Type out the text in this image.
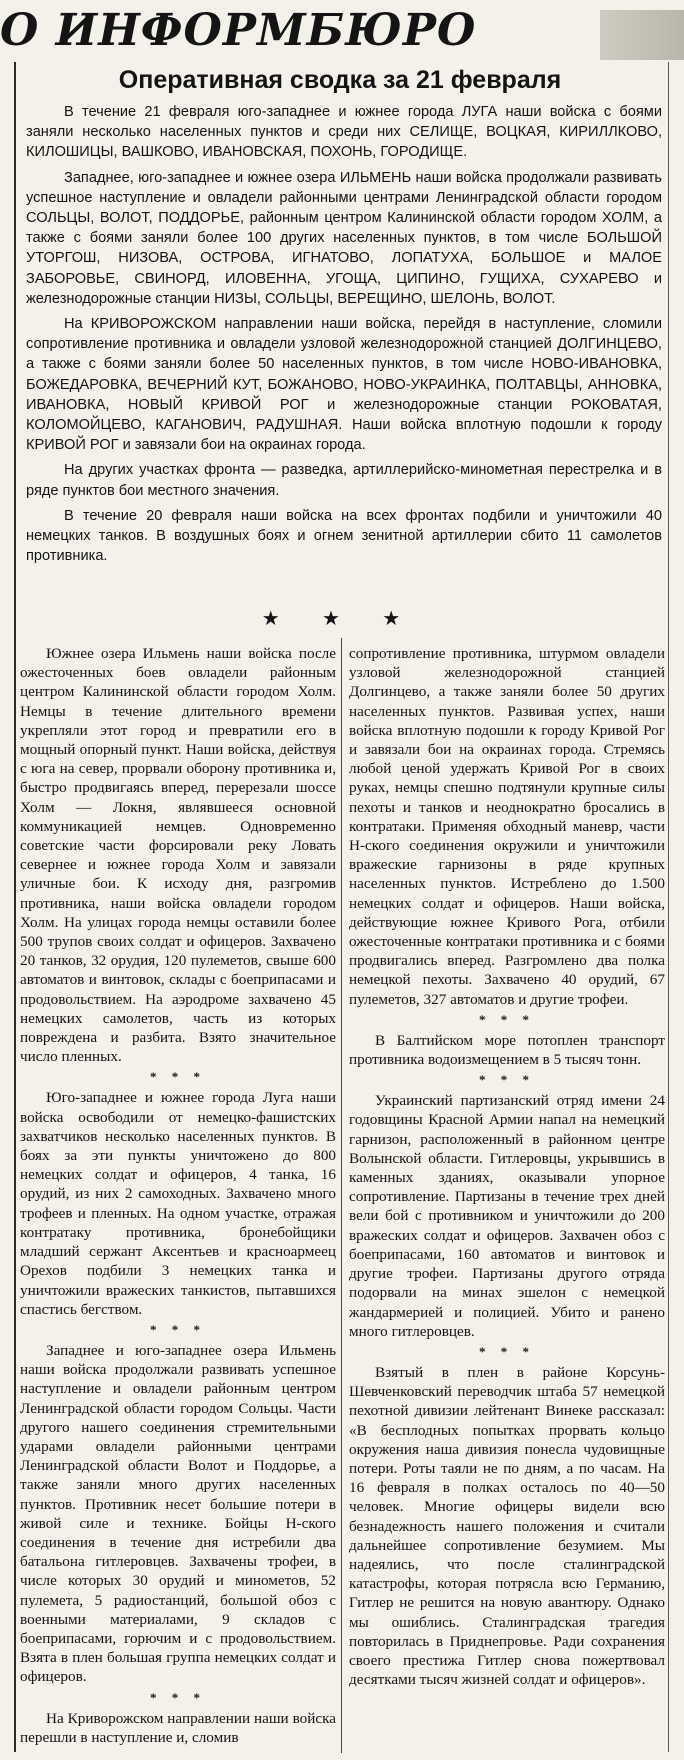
О ИНФОРМБЮРО
Оперативная сводка за 21 февраля

В течение 21 февраля юго-западнее и южнее города ЛУГА наши войска с боями заняли несколько населенных пунктов и среди них СЕЛИЩЕ, ВОЦКАЯ, КИРИЛЛКОВО, КИЛОШИЦЫ, ВАШКОВО, ИВАНОВСКАЯ, ПОХОНЬ, ГОРОДИЩЕ.

Западнее, юго-западнее и южнее озера ИЛЬМЕНЬ наши войска продолжали развивать успешное наступление и овладели районными центрами Ленинградской области городом СОЛЬЦЫ, ВОЛОТ, ПОДДОРЬЕ, районным центром Калининской области городом ХОЛМ, а также с боями заняли более 100 других населенных пунктов, в том числе БОЛЬШОЙ УТОРГОШ, НИЗОВА, ОСТРОВА, ИГНАТОВО, ЛОПАТУХА, БОЛЬШОЕ и МАЛОЕ ЗАБОРОВЬЕ, СВИНОРД, ИЛОВЕННА, УГОЩА, ЦИПИНО, ГУЩИХА, СУХАРЕВО и железнодорожные станции НИЗЫ, СОЛЬЦЫ, ВЕРЕЩИНО, ШЕЛОНЬ, ВОЛОТ.

На КРИВОРОЖСКОМ направлении наши войска, перейдя в наступление, сломили сопротивление противника и овладели узловой железнодорожной станцией ДОЛГИНЦЕВО, а также с боями заняли более 50 населенных пунктов, в том числе НОВО-ИВАНОВКА, БОЖЕДАРОВКА, ВЕЧЕРНИЙ КУТ, БОЖАНОВО, НОВО-УКРАИНКА, ПОЛТАВЦЫ, АННОВКА, ИВАНОВКА, НОВЫЙ КРИВОЙ РОГ и железнодорожные станции РОКОВАТАЯ, КОЛОМОЙЦЕВО, КАГАНОВИЧ, РАДУШНАЯ. Наши войска вплотную подошли к городу КРИВОЙ РОГ и завязали бои на окраинах города.

На других участках фронта — разведка, артиллерийско-минометная перестрелка и в ряде пунктов бои местного значения.

В течение 20 февраля наши войска на всех фронтах подбили и уничтожили 40 немецких танков. В воздушных боях и огнем зенитной артиллерии сбито 11 самолетов противника.

★ ★ ★

Южнее озера Ильмень наши войска после ожесточенных боев овладели районным центром Калининской области городом Холм. Немцы в течение длительного времени укрепляли этот город и превратили его в мощный опорный пункт. Наши войска, действуя с юга на север, прорвали оборону противника и, быстро продвигаясь вперед, перерезали шоссе Холм — Локня, являвшееся основной коммуникацией немцев. Одновременно советские части форсировали реку Ловать севернее и южнее города Холм и завязали уличные бои. К исходу дня, разгромив противника, наши войска овладели городом Холм. На улицах города немцы оставили более 500 трупов своих солдат и офицеров. Захвачено 20 танков, 32 орудия, 120 пулеметов, свыше 600 автоматов и винтовок, склады с боеприпасами и продовольствием. На аэродроме захвачено 45 немецких самолетов, часть из которых повреждена и разбита. Взято значительное число пленных.

* * *

Юго-западнее и южнее города Луга наши войска освободили от немецко-фашистских захватчиков несколько населенных пунктов. В боях за эти пункты уничтожено до 800 немецких солдат и офицеров, 4 танка, 16 орудий, из них 2 самоходных. Захвачено много трофеев и пленных. На одном участке, отражая контратаку противника, бронебойщики младший сержант Аксентьев и красноармеец Орехов подбили 3 немецких танка и уничтожили вражеских танкистов, пытавшихся спастись бегством.

* * *

Западнее и юго-западнее озера Ильмень наши войска продолжали развивать успешное наступление и овладели районным центром Ленинградской области городом Сольцы. Части другого нашего соединения стремительными ударами овладели районными центрами Ленинградской области Волот и Поддорье, а также заняли много других населенных пунктов. Противник несет большие потери в живой силе и технике. Бойцы Н-ского соединения в течение дня истребили два батальона гитлеровцев. Захвачены трофеи, в числе которых 30 орудий и минометов, 52 пулемета, 5 радиостанций, большой обоз с военными материалами, 9 складов с боеприпасами, горючим и с продовольствием. Взята в плен большая группа немецких солдат и офицеров.

* * *

На Криворожском направлении наши войска перешли в наступление и, сломив

сопротивление противника, штурмом овладели узловой железнодорожной станцией Долгинцево, а также заняли более 50 других населенных пунктов. Развивая успех, наши войска вплотную подошли к городу Кривой Рог и завязали бои на окраинах города. Стремясь любой ценой удержать Кривой Рог в своих руках, немцы спешно подтянули крупные силы пехоты и танков и неоднократно бросались в контратаки. Применяя обходный маневр, части Н-ского соединения окружили и уничтожили вражеские гарнизоны в ряде крупных населенных пунктов. Истреблено до 1.500 немецких солдат и офицеров. Наши войска, действующие южнее Кривого Рога, отбили ожесточенные контратаки противника и с боями продвигались вперед. Разгромлено два полка немецкой пехоты. Захвачено 40 орудий, 67 пулеметов, 327 автоматов и другие трофеи.

* * *

В Балтийском море потоплен транспорт противника водоизмещением в 5 тысяч тонн.

* * *

Украинский партизанский отряд имени 24 годовщины Красной Армии напал на немецкий гарнизон, расположенный в районном центре Волынской области. Гитлеровцы, укрывшись в каменных зданиях, оказывали упорное сопротивление. Партизаны в течение трех дней вели бой с противником и уничтожили до 200 вражеских солдат и офицеров. Захвачен обоз с боеприпасами, 160 автоматов и винтовок и другие трофеи. Партизаны другого отряда подорвали на минах эшелон с немецкой жандармерией и полицией. Убито и ранено много гитлеровцев.

* * *

Взятый в плен в районе Корсунь-Шевченковский переводчик штаба 57 немецкой пехотной дивизии лейтенант Винеке рассказал: «В бесплодных попытках прорвать кольцо окружения наша дивизия понесла чудовищные потери. Роты таяли не по дням, а по часам. На 16 февраля в полках осталось по 40—50 человек. Многие офицеры видели всю безнадежность нашего положения и считали дальнейшее сопротивление безумием. Мы надеялись, что после сталинградской катастрофы, которая потрясла всю Германию, Гитлер не решится на новую авантюру. Однако мы ошиблись. Сталинградская трагедия повторилась в Приднепровье. Ради сохранения своего престижа Гитлер снова пожертвовал десятками тысяч жизней солдат и офицеров».
